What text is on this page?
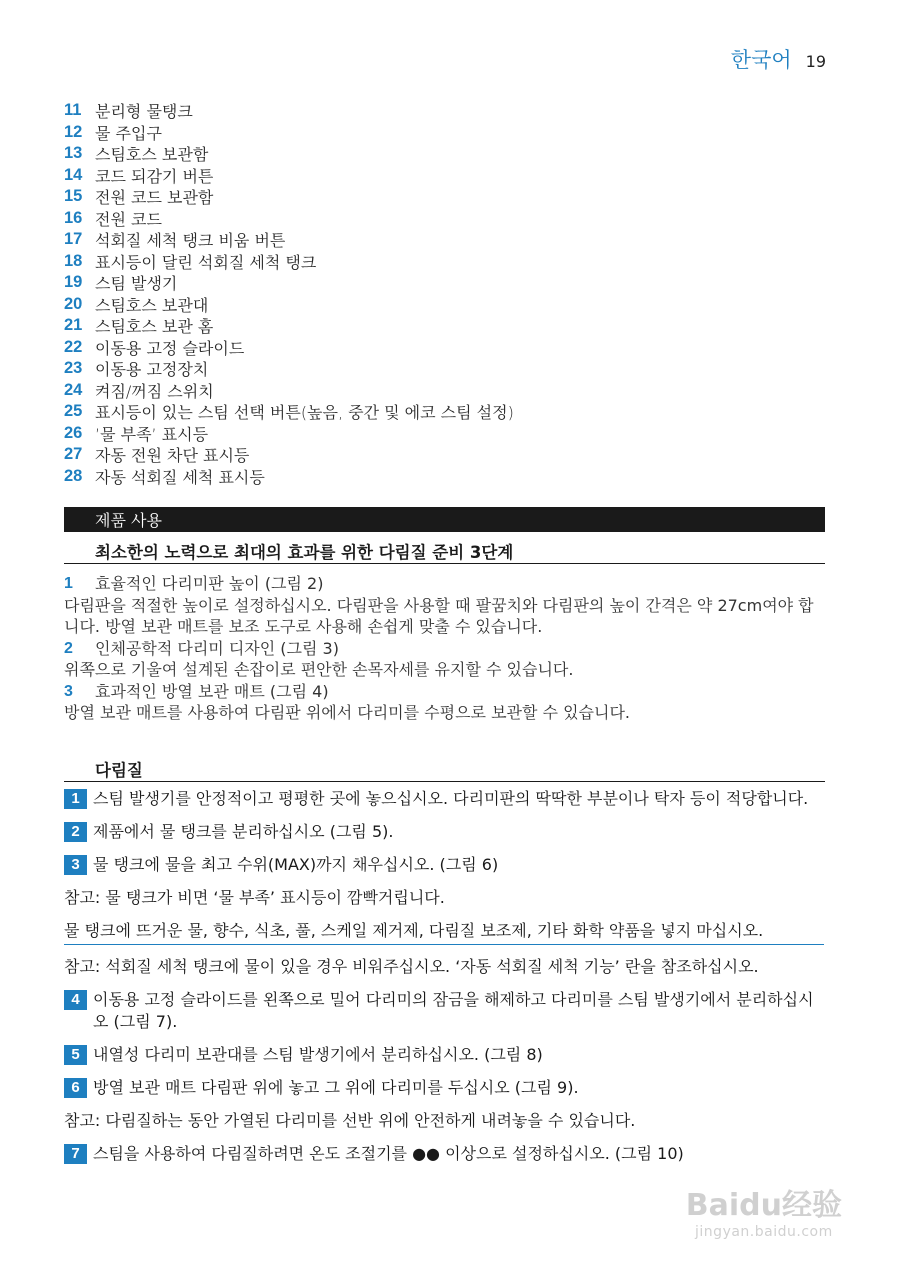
한국어 19
11 분리형 물탱크
12 물 주입구
13 스팀호스 보관함
14 코드 되감기 버튼
15 전원 코드 보관함
16 전원 코드
17 석회질 세척 탱크 비움 버튼
18 표시등이 달린 석회질 세척 탱크
19 스팀 발생기
20 스팀호스 보관대
21 스팀호스 보관 홈
22 이동용 고정 슬라이드
23 이동용 고정장치
24 켜짐/꺼짐 스위치
25 표시등이 있는 스팀 선택 버튼(높음, 중간 및 에코 스팀 설정)
26 ’물 부족’ 표시등
27 자동 전원 차단 표시등
28 자동 석회질 세척 표시등
제품 사용
최소한의 노력으로 최대의 효과를 위한 다림질 준비 3단계
1	효율적인 다리미판 높이 (그림 2)
다림판을 적절한 높이로 설정하십시오. 다림판을 사용할 때 팔꿈치와 다림판의 높이 간격은 약 27cm여야 합니다. 방열 보관 매트를 보조 도구로 사용해 손쉽게 맞출 수 있습니다.
2	인체공학적 다리미 디자인 (그림 3)
위쪽으로 기울여 설계된 손잡이로 편안한 손목자세를 유지할 수 있습니다.
3	효과적인 방열 보관 매트 (그림 4)
방열 보관 매트를 사용하여 다림판 위에서 다리미를 수평으로 보관할 수 있습니다.
다림질
1 스팀 발생기를 안정적이고 평평한 곳에 놓으십시오. 다리미판의 딱딱한 부분이나 탁자 등이 적당합니다.
2 제품에서 물 탱크를 분리하십시오 (그림 5).
3 물 탱크에 물을 최고 수위(MAX)까지 채우십시오. (그림 6)
참고: 물 탱크가 비면 ‘물 부족’ 표시등이 깜빡거립니다.
물 탱크에 뜨거운 물, 향수, 식초, 풀, 스케일 제거제, 다림질 보조제, 기타 화학 약품을 넣지 마십시오.
참고: 석회질 세척 탱크에 물이 있을 경우 비워주십시오. ‘자동 석회질 세척 기능’ 란을 참조하십시오.
4 이동용 고정 슬라이드를 왼쪽으로 밀어 다리미의 잠금을 해제하고 다리미를 스팀 발생기에서 분리하십시오 (그림 7).
5 내열성 다리미 보관대를 스팀 발생기에서 분리하십시오. (그림 8)
6 방열 보관 매트 다림판 위에 놓고 그 위에 다리미를 두십시오 (그림 9).
참고: 다림질하는 동안 가열된 다리미를 선반 위에 안전하게 내려놓을 수 있습니다.
7 스팀을 사용하여 다림질하려면 온도 조절기를 ●● 이상으로 설정하십시오. (그림 10)
Baidu经验
jingyan.baidu.com
